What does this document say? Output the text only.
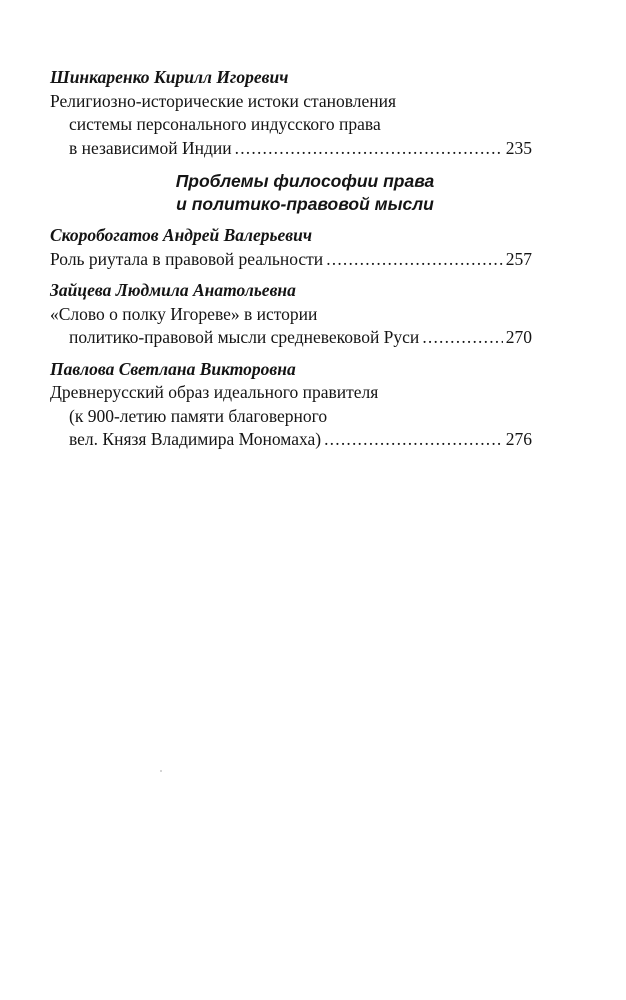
Шинкаренко Кирилл Игоревич

Религиозно-исторические истоки становления

системы персонального индусского права

в независимой Индии .....	235

Проблемы философии права

и политико-правовой мысли

Скоробогатов Андрей Валерьевич

Роль риутала в правовой реальности .....	257

Зайцева Людмила Анатольевна

«Слово о полку Игореве» в истории

политико-правовой мысли средневековой Руси .....	270

Павлова Светлана Викторовна

Древнерусский образ идеального правителя

(к 900-летию памяти благоверного

вел. Князя Владимира Мономаха) .....	276
